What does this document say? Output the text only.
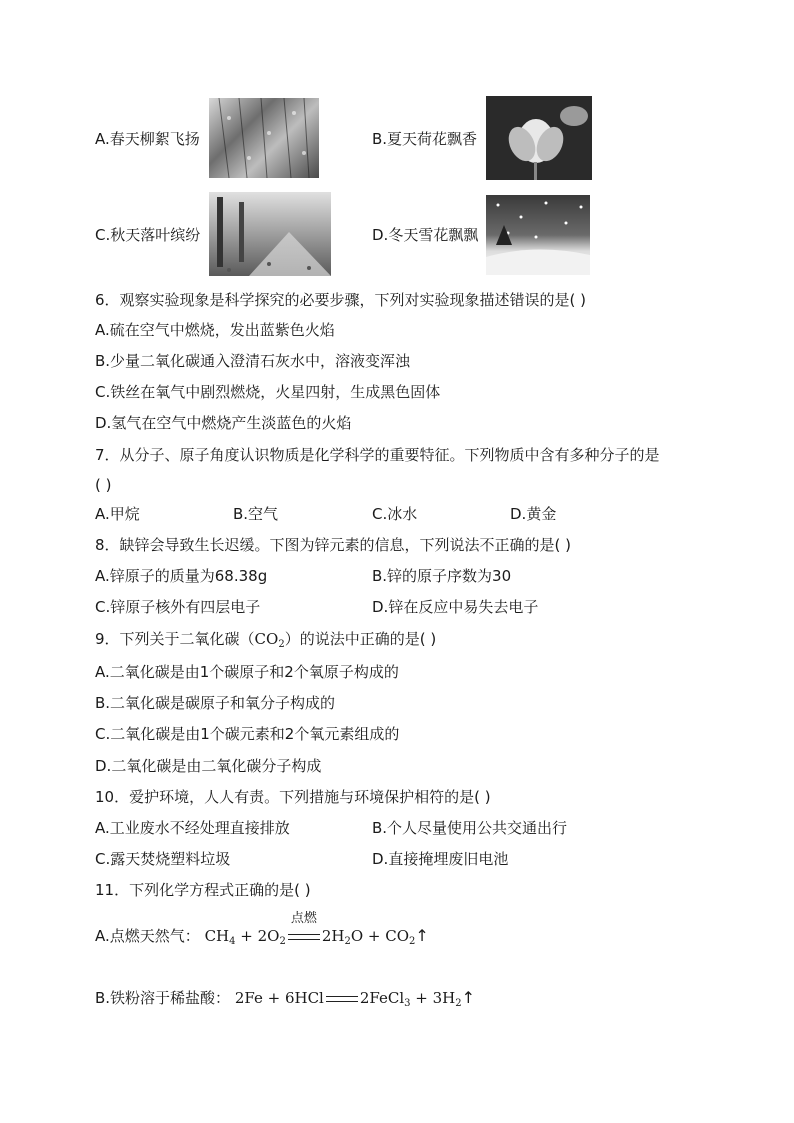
A.春天柳絮飞扬	B.夏天荷花飘香
C.秋天落叶缤纷	D.冬天雪花飘飘
6．观察实验现象是科学探究的必要步骤，下列对实验现象描述错误的是( )
A.硫在空气中燃烧，发出蓝紫色火焰
B.少量二氧化碳通入澄清石灰水中，溶液变浑浊
C.铁丝在氧气中剧烈燃烧，火星四射，生成黑色固体
D.氢气在空气中燃烧产生淡蓝色的火焰
7．从分子、原子角度认识物质是化学科学的重要特征。下列物质中含有多种分子的是
( )
A.甲烷	B.空气	C.冰水	D.黄金
8．缺锌会导致生长迟缓。下图为锌元素的信息，下列说法不正确的是( )
A.锌原子的质量为68.38g	B.锌的原子序数为30
C.锌原子核外有四层电子	D.锌在反应中易失去电子
9．下列关于二氧化碳$(CO_2)$的说法中正确的是( )
A.二氧化碳是由1个碳原子和2个氧原子构成的
B.二氧化碳是碳原子和氧分子构成的
C.二氧化碳是由1个碳元素和2个氧元素组成的
D.二氧化碳是由二氧化碳分子构成
10．爱护环境，人人有责。下列措施与环境保护相符的是( )
A.工业废水不经处理直接排放	B.个人尽量使用公共交通出行
C.露天焚烧塑料垃圾	D.直接掩埋废旧电池
11．下列化学方程式正确的是( )
A.点燃天然气： $CH_4 + 2O_2$
点燃
$2H_2O$ + $CO_2↑$
B.铁粉溶于稀盐酸： 2Fe + 6HCl 2FeCl$_3$ + $3H_2↑$
